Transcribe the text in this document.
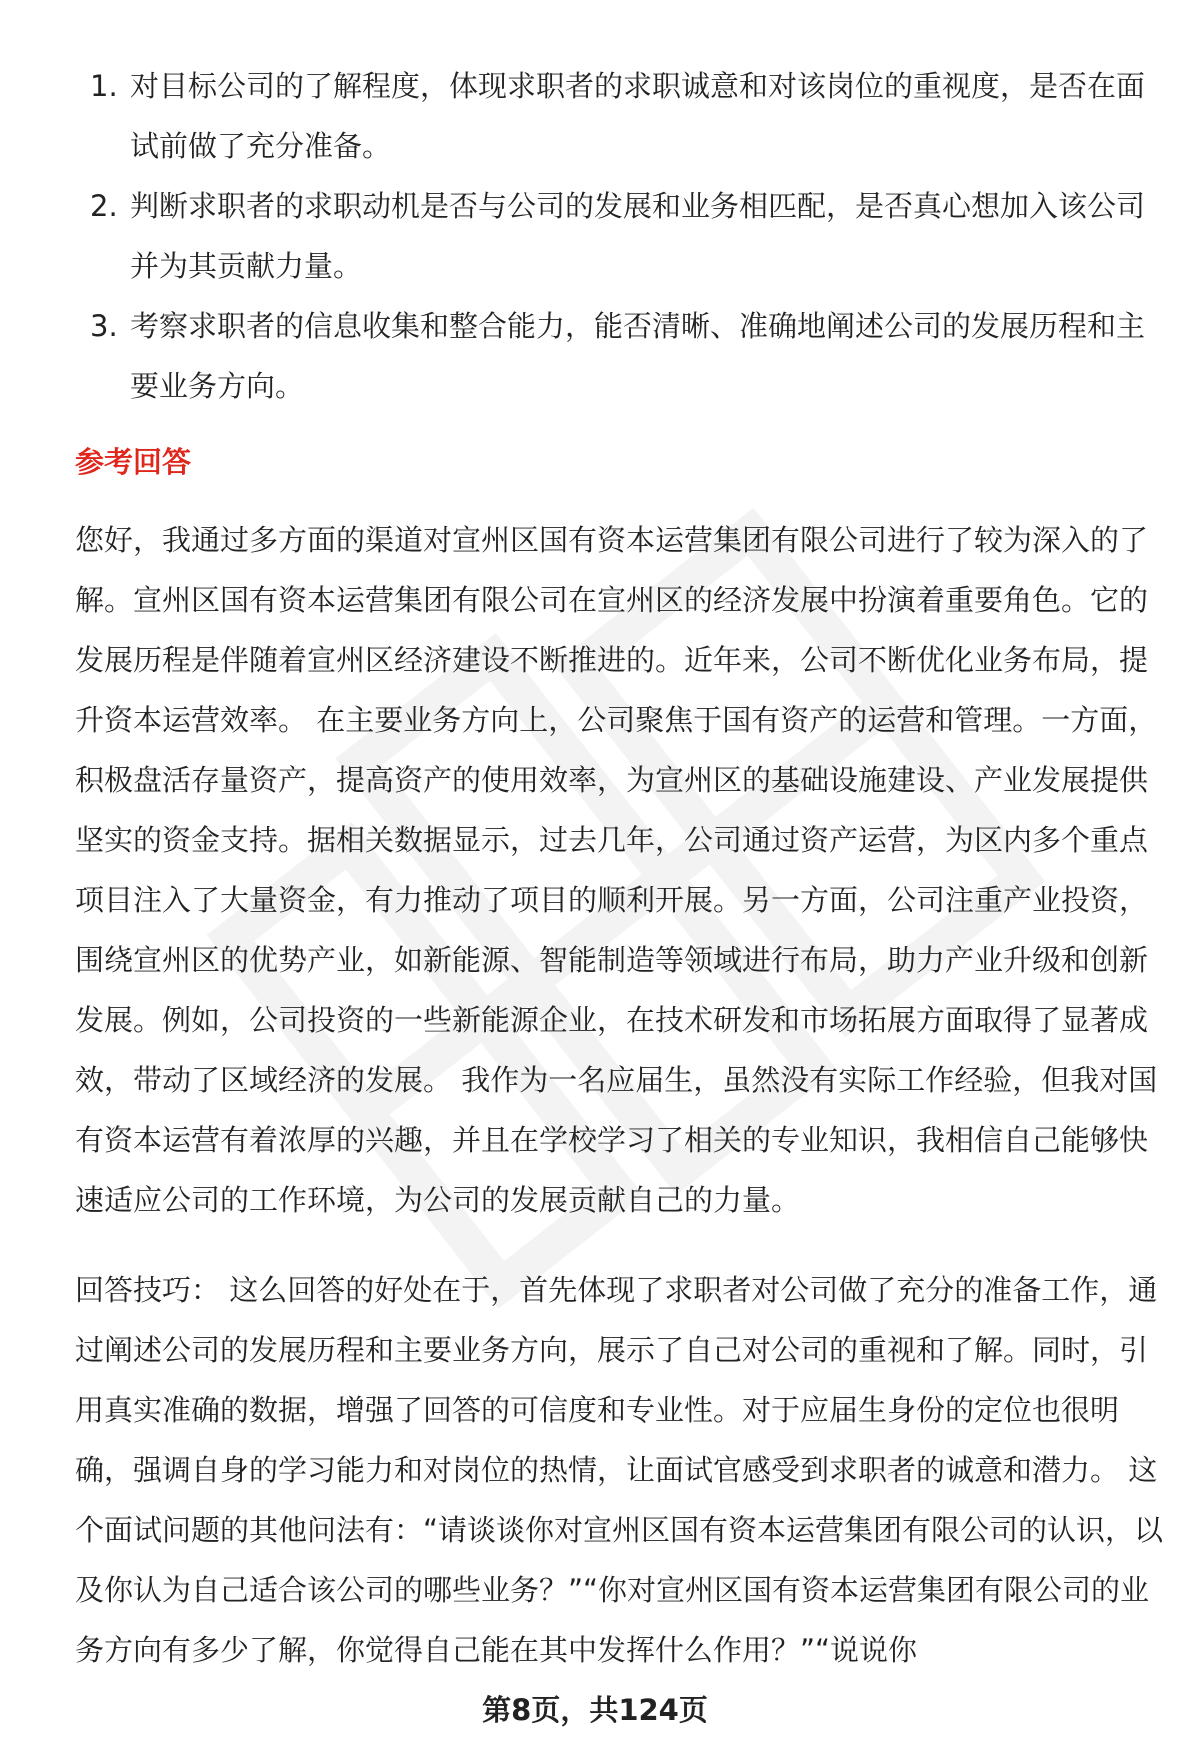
1. 对目标公司的了解程度，体现求职者的求职诚意和对该岗位的重视度，是否在面试前做了充分准备。
2. 判断求职者的求职动机是否与公司的发展和业务相匹配，是否真心想加入该公司并为其贡献力量。
3. 考察求职者的信息收集和整合能力，能否清晰、准确地阐述公司的发展历程和主要业务方向。
参考回答

您好，我通过多方面的渠道对宣州区国有资本运营集团有限公司进行了较为深入的了解。宣州区国有资本运营集团有限公司在宣州区的经济发展中扮演着重要角色。它的发展历程是伴随着宣州区经济建设不断推进的。近年来，公司不断优化业务布局，提升资本运营效率。 在主要业务方向上，公司聚焦于国有资产的运营和管理。一方面，积极盘活存量资产，提高资产的使用效率，为宣州区的基础设施建设、产业发展提供坚实的资金支持。据相关数据显示，过去几年，公司通过资产运营，为区内多个重点项目注入了大量资金，有力推动了项目的顺利开展。另一方面，公司注重产业投资，围绕宣州区的优势产业，如新能源、智能制造等领域进行布局，助力产业升级和创新发展。例如，公司投资的一些新能源企业，在技术研发和市场拓展方面取得了显著成效，带动了区域经济的发展。 我作为一名应届生，虽然没有实际工作经验，但我对国有资本运营有着浓厚的兴趣，并且在学校学习了相关的专业知识，我相信自己能够快速适应公司的工作环境，为公司的发展贡献自己的力量。

回答技巧： 这么回答的好处在于，首先体现了求职者对公司做了充分的准备工作，通过阐述公司的发展历程和主要业务方向，展示了自己对公司的重视和了解。同时，引用真实准确的数据，增强了回答的可信度和专业性。对于应届生身份的定位也很明确，强调自身的学习能力和对岗位的热情，让面试官感受到求职者的诚意和潜力。 这个面试问题的其他问法有：“请谈谈你对宣州区国有资本运营集团有限公司的认识，以及你认为自己适合该公司的哪些业务？”“你对宣州区国有资本运营集团有限公司的业务方向有多少了解，你觉得自己能在其中发挥什么作用？”“说说你

第8页，共124页
